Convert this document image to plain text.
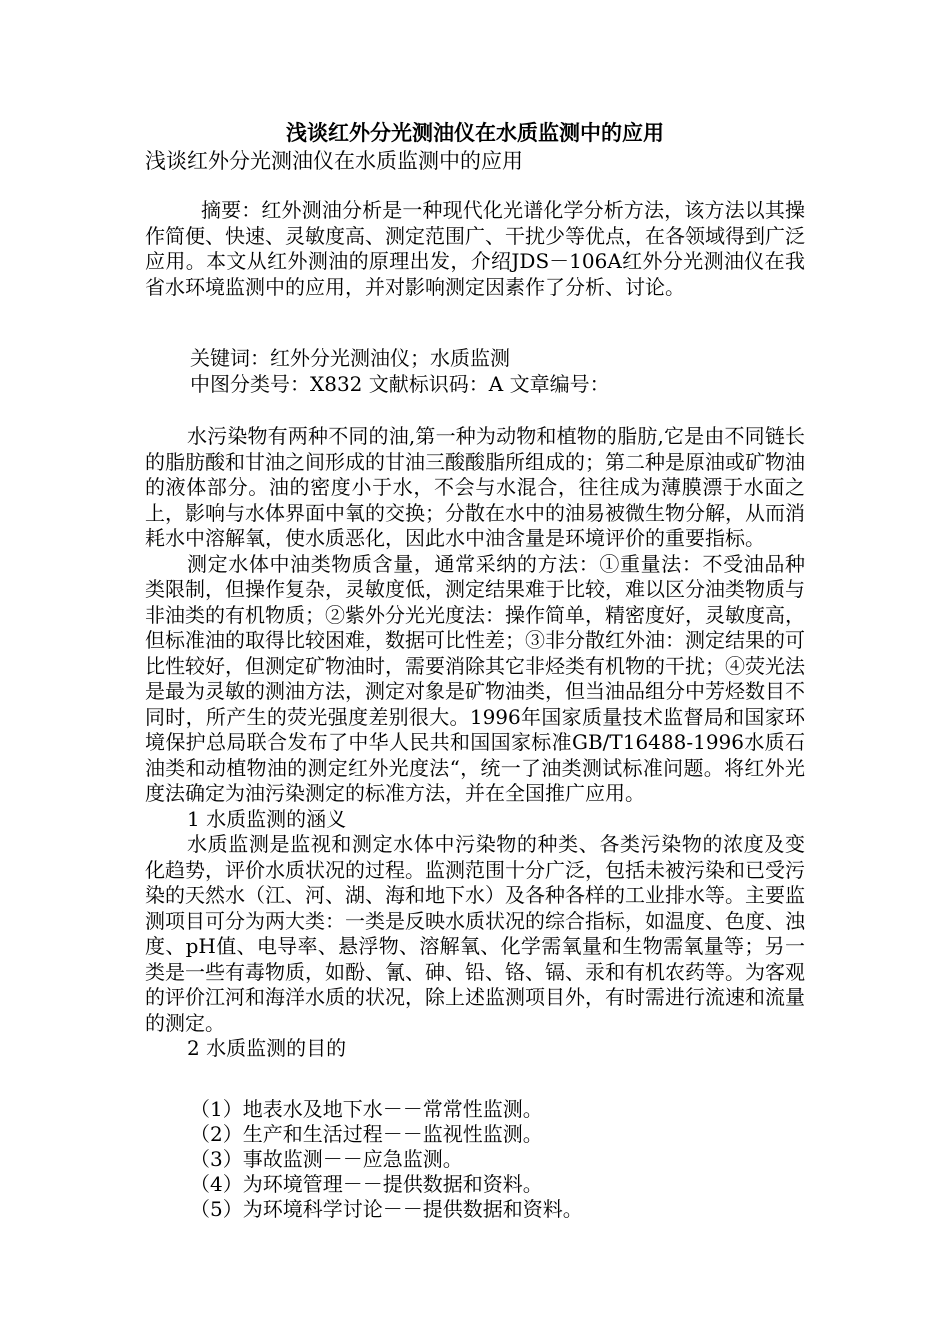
浅谈红外分光测油仪在水质监测中的应用
浅谈红外分光测油仪在水质监测中的应用

摘要：红外测油分析是一种现代化光谱化学分析方法，该方法以其操作简便、快速、灵敏度高、测定范围广、干扰少等优点，在各领域得到广泛应用。本文从红外测油的原理出发，介绍JDS－106A红外分光测油仪在我省水环境监测中的应用，并对影响测定因素作了分析、讨论。

关键词：红外分光测油仪；水质监测
中图分类号：X832 文献标识码：A 文章编号：

水污染物有两种不同的油,第一种为动物和植物的脂肪,它是由不同链长的脂肪酸和甘油之间形成的甘油三酸酸脂所组成的；第二种是原油或矿物油的液体部分。油的密度小于水，不会与水混合，往往成为薄膜漂于水面之上，影响与水体界面中氧的交换；分散在水中的油易被微生物分解，从而消耗水中溶解氧，使水质恶化，因此水中油含量是环境评价的重要指标。

测定水体中油类物质含量，通常采纳的方法：①重量法：不受油品种类限制，但操作复杂，灵敏度低，测定结果难于比较，难以区分油类物质与非油类的有机物质；②紫外分光光度法：操作简单，精密度好，灵敏度高，但标准油的取得比较困难，数据可比性差；③非分散红外油：测定结果的可比性较好，但测定矿物油时，需要消除其它非烃类有机物的干扰；④荧光法是最为灵敏的测油方法，测定对象是矿物油类，但当油品组分中芳烃数目不同时，所产生的荧光强度差别很大。1996年国家质量技术监督局和国家环境保护总局联合发布了中华人民共和国国家标准GB/T16488-1996水质石油类和动植物油的测定红外光度法“，统一了油类测试标准问题。将红外光度法确定为油污染测定的标准方法，并在全国推广应用。

1 水质监测的涵义

水质监测是监视和测定水体中污染物的种类、各类污染物的浓度及变化趋势，评价水质状况的过程。监测范围十分广泛，包括未被污染和已受污染的天然水（江、河、湖、海和地下水）及各种各样的工业排水等。主要监测项目可分为两大类：一类是反映水质状况的综合指标，如温度、色度、浊度、pH值、电导率、悬浮物、溶解氧、化学需氧量和生物需氧量等；另一类是一些有毒物质，如酚、氰、砷、铅、铬、镉、汞和有机农药等。为客观的评价江河和海洋水质的状况，除上述监测项目外，有时需进行流速和流量的测定。

2 水质监测的目的

（1）地表水及地下水－－常常性监测。
（2）生产和生活过程－－监视性监测。
（3）事故监测－－应急监测。
（4）为环境管理－－提供数据和资料。
（5）为环境科学讨论－－提供数据和资料。
